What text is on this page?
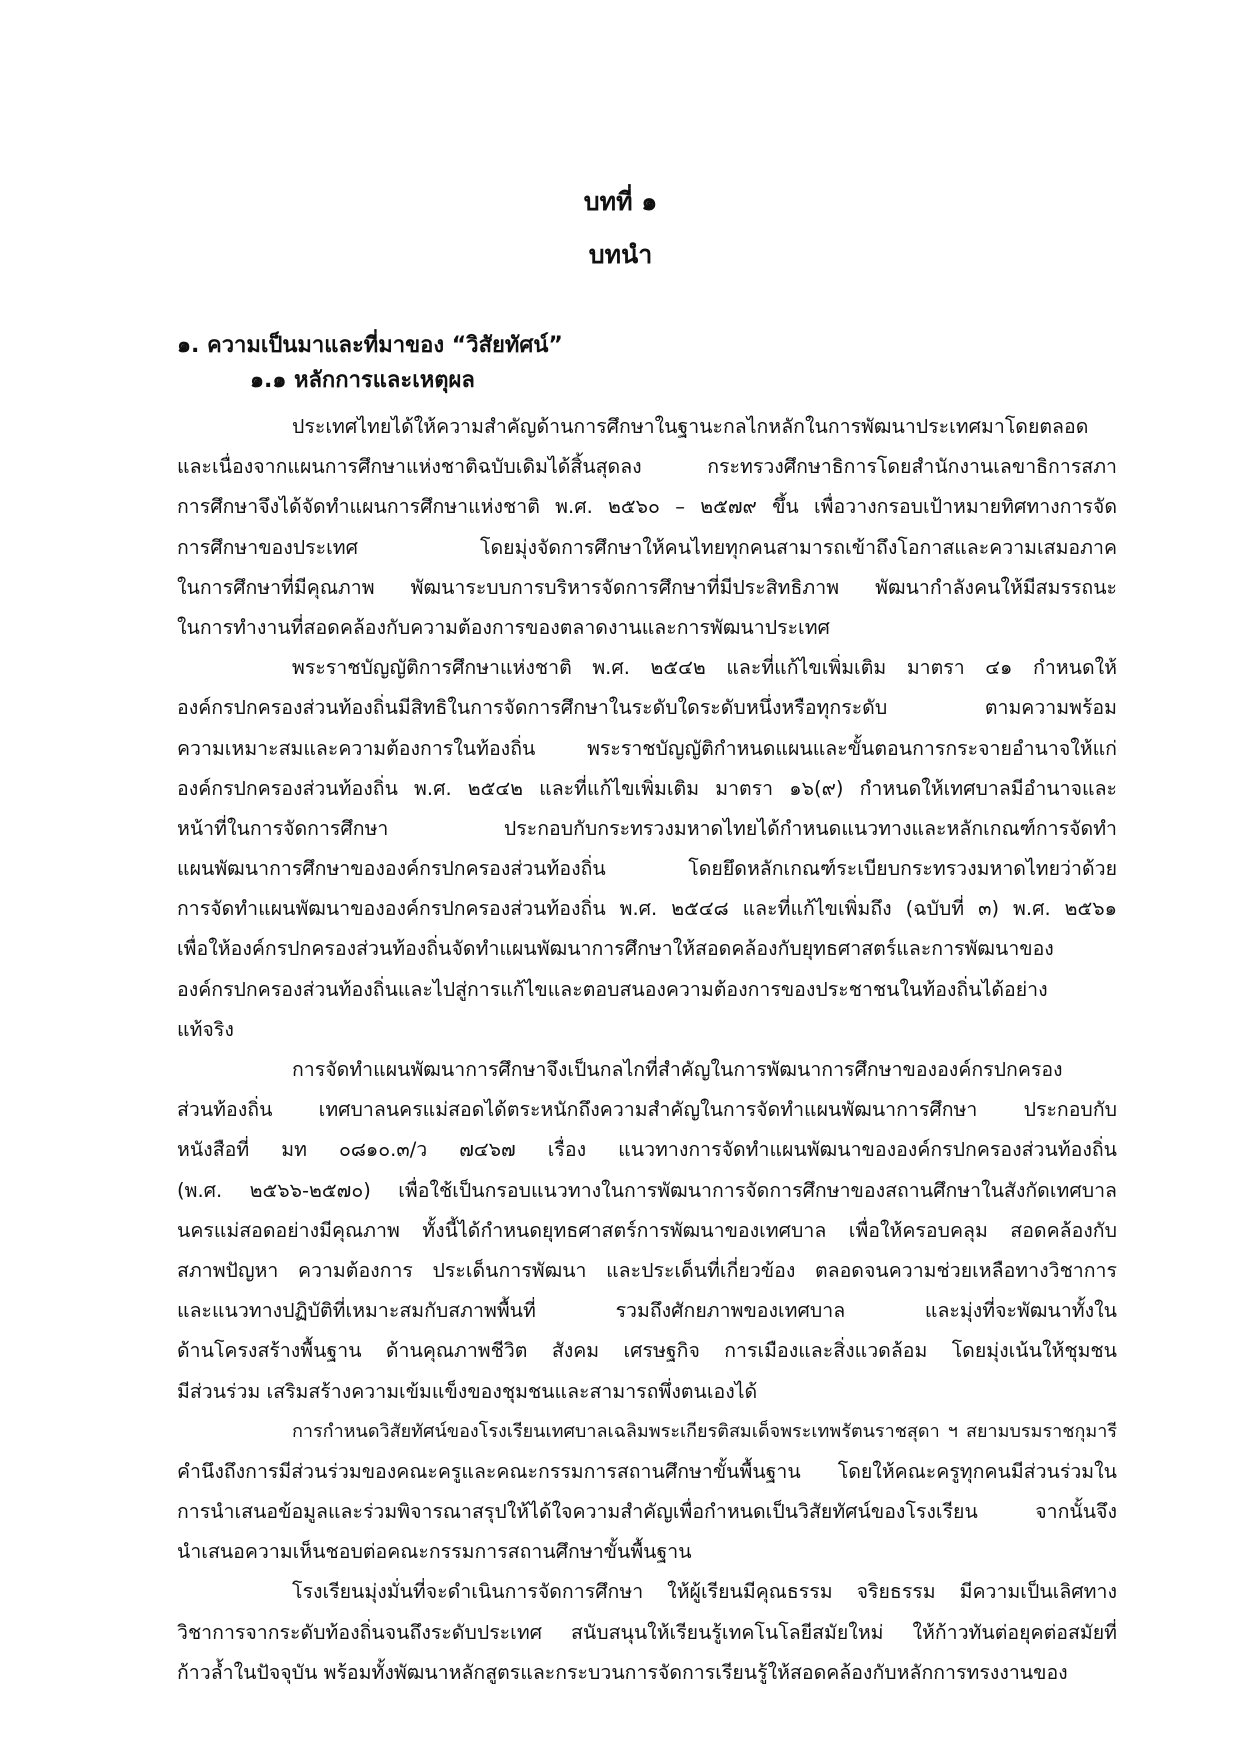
บทที่ ๑
บทนำ
๑. ความเป็นมาและที่มาของ “วิสัยทัศน์”
๑.๑ หลักการและเหตุผล
ประเทศไทยได้ให้ความสำคัญด้านการศึกษาในฐานะกลไกหลักในการพัฒนาประเทศมาโดยตลอด
และเนื่องจากแผนการศึกษาแห่งชาติฉบับเดิมได้สิ้นสุดลง กระทรวงศึกษาธิการโดยสำนักงานเลขาธิการสภา
การศึกษาจึงได้จัดทำแผนการศึกษาแห่งชาติ พ.ศ. ๒๕๖๐ – ๒๕๗๙ ขึ้น เพื่อวางกรอบเป้าหมายทิศทางการจัด
การศึกษาของประเทศ โดยมุ่งจัดการศึกษาให้คนไทยทุกคนสามารถเข้าถึงโอกาสและความเสมอภาค
ในการศึกษาที่มีคุณภาพ พัฒนาระบบการบริหารจัดการศึกษาที่มีประสิทธิภาพ พัฒนากำลังคนให้มีสมรรถนะ
ในการทำงานที่สอดคล้องกับความต้องการของตลาดงานและการพัฒนาประเทศ
พระราชบัญญัติการศึกษาแห่งชาติ พ.ศ. ๒๕๔๒ และที่แก้ไขเพิ่มเติม มาตรา ๔๑ กำหนดให้
องค์กรปกครองส่วนท้องถิ่นมีสิทธิในการจัดการศึกษาในระดับใดระดับหนึ่งหรือทุกระดับ ตามความพร้อม
ความเหมาะสมและความต้องการในท้องถิ่น พระราชบัญญัติกำหนดแผนและขั้นตอนการกระจายอำนาจให้แก่
องค์กรปกครองส่วนท้องถิ่น พ.ศ. ๒๕๔๒ และที่แก้ไขเพิ่มเติม มาตรา ๑๖(๙) กำหนดให้เทศบาลมีอำนาจและ
หน้าที่ในการจัดการศึกษา ประกอบกับกระทรวงมหาดไทยได้กำหนดแนวทางและหลักเกณฑ์การจัดทำ
แผนพัฒนาการศึกษาขององค์กรปกครองส่วนท้องถิ่น โดยยึดหลักเกณฑ์ระเบียบกระทรวงมหาดไทยว่าด้วย
การจัดทำแผนพัฒนาขององค์กรปกครองส่วนท้องถิ่น พ.ศ. ๒๕๔๘ และที่แก้ไขเพิ่มถึง (ฉบับที่ ๓) พ.ศ. ๒๕๖๑
เพื่อให้องค์กรปกครองส่วนท้องถิ่นจัดทำแผนพัฒนาการศึกษาให้สอดคล้องกับยุทธศาสตร์และการพัฒนาของ
องค์กรปกครองส่วนท้องถิ่นและไปสู่การแก้ไขและตอบสนองความต้องการของประชาชนในท้องถิ่นได้อย่าง
แท้จริง
การจัดทำแผนพัฒนาการศึกษาจึงเป็นกลไกที่สำคัญในการพัฒนาการศึกษาขององค์กรปกครอง
ส่วนท้องถิ่น เทศบาลนครแม่สอดได้ตระหนักถึงความสำคัญในการจัดทำแผนพัฒนาการศึกษา ประกอบกับ
หนังสือที่ มท ๐๘๑๐.๓/ว ๗๔๖๗ เรื่อง แนวทางการจัดทำแผนพัฒนาขององค์กรปกครองส่วนท้องถิ่น
(พ.ศ. ๒๕๖๖-๒๕๗๐) เพื่อใช้เป็นกรอบแนวทางในการพัฒนาการจัดการศึกษาของสถานศึกษาในสังกัดเทศบาล
นครแม่สอดอย่างมีคุณภาพ ทั้งนี้ได้กำหนดยุทธศาสตร์การพัฒนาของเทศบาล เพื่อให้ครอบคลุม สอดคล้องกับ
สภาพปัญหา ความต้องการ ประเด็นการพัฒนา และประเด็นที่เกี่ยวข้อง ตลอดจนความช่วยเหลือทางวิชาการ
และแนวทางปฏิบัติที่เหมาะสมกับสภาพพื้นที่ รวมถึงศักยภาพของเทศบาล และมุ่งที่จะพัฒนาทั้งใน
ด้านโครงสร้างพื้นฐาน ด้านคุณภาพชีวิต สังคม เศรษฐกิจ การเมืองและสิ่งแวดล้อม โดยมุ่งเน้นให้ชุมชน
มีส่วนร่วม เสริมสร้างความเข้มแข็งของชุมชนและสามารถพึ่งตนเองได้
การกำหนดวิสัยทัศน์ของโรงเรียนเทศบาลเฉลิมพระเกียรติสมเด็จพระเทพรัตนราชสุดา ฯ สยามบรมราชกุมารี
คำนึงถึงการมีส่วนร่วมของคณะครูและคณะกรรมการสถานศึกษาขั้นพื้นฐาน โดยให้คณะครูทุกคนมีส่วนร่วมใน
การนำเสนอข้อมูลและร่วมพิจารณาสรุปให้ได้ใจความสำคัญเพื่อกำหนดเป็นวิสัยทัศน์ของโรงเรียน จากนั้นจึง
นำเสนอความเห็นชอบต่อคณะกรรมการสถานศึกษาขั้นพื้นฐาน
โรงเรียนมุ่งมั่นที่จะดำเนินการจัดการศึกษา ให้ผู้เรียนมีคุณธรรม จริยธรรม มีความเป็นเลิศทาง
วิชาการจากระดับท้องถิ่นจนถึงระดับประเทศ สนับสนุนให้เรียนรู้เทคโนโลยีสมัยใหม่ ให้ก้าวทันต่อยุคต่อสมัยที่
ก้าวล้ำในปัจจุบัน พร้อมทั้งพัฒนาหลักสูตรและกระบวนการจัดการเรียนรู้ให้สอดคล้องกับหลักการทรงงานของ
